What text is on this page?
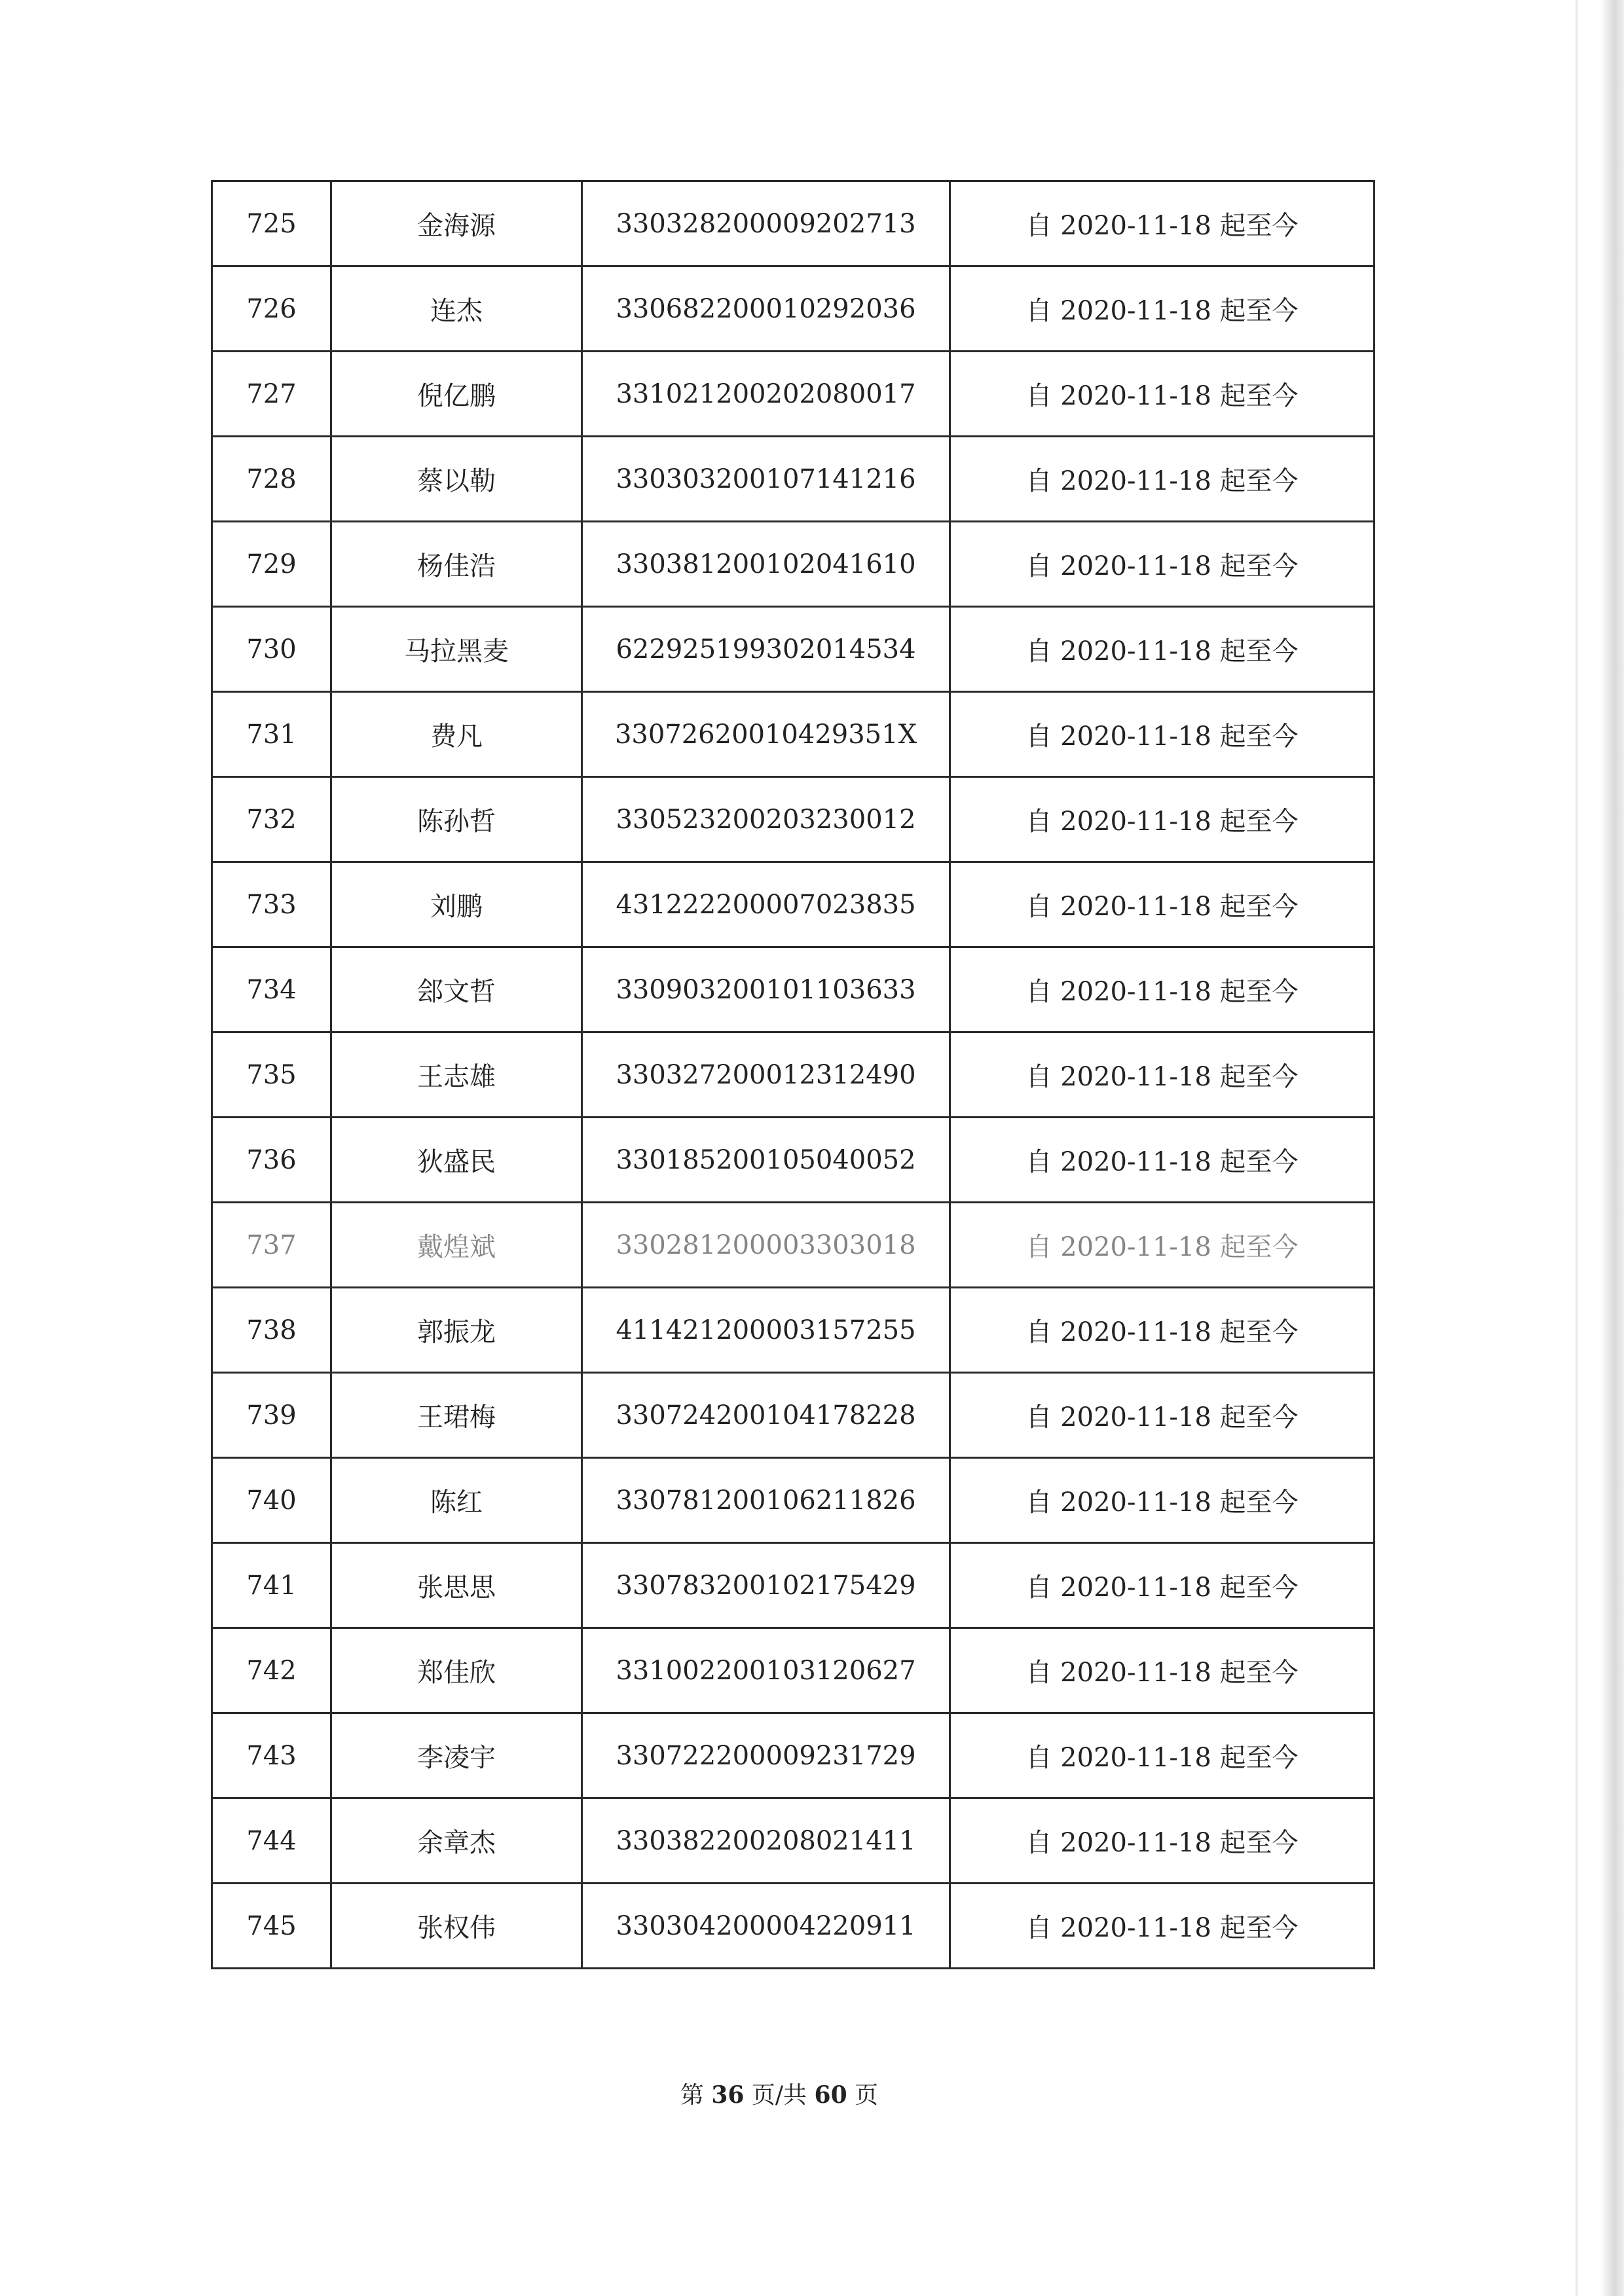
725	金海源	330328200009202713	自 2020-11-18 起至今
726	连杰	330682200010292036	自 2020-11-18 起至今
727	倪亿鹏	331021200202080017	自 2020-11-18 起至今
728	蔡以勒	330303200107141216	自 2020-11-18 起至今
729	杨佳浩	330381200102041610	自 2020-11-18 起至今
730	马拉黑麦	622925199302014534	自 2020-11-18 起至今
731	费凡	33072620010429351X	自 2020-11-18 起至今
732	陈孙哲	330523200203230012	自 2020-11-18 起至今
733	刘鹏	431222200007023835	自 2020-11-18 起至今
734	郐文哲	330903200101103633	自 2020-11-18 起至今
735	王志雄	330327200012312490	自 2020-11-18 起至今
736	狄盛民	330185200105040052	自 2020-11-18 起至今
737	戴煌斌	330281200003303018	自 2020-11-18 起至今
738	郭振龙	411421200003157255	自 2020-11-18 起至今
739	王珺梅	330724200104178228	自 2020-11-18 起至今
740	陈红	330781200106211826	自 2020-11-18 起至今
741	张思思	330783200102175429	自 2020-11-18 起至今
742	郑佳欣	331002200103120627	自 2020-11-18 起至今
743	李凌宇	330722200009231729	自 2020-11-18 起至今
744	余章杰	330382200208021411	自 2020-11-18 起至今
745	张权伟	330304200004220911	自 2020-11-18 起至今
第 36 页/共 60 页
